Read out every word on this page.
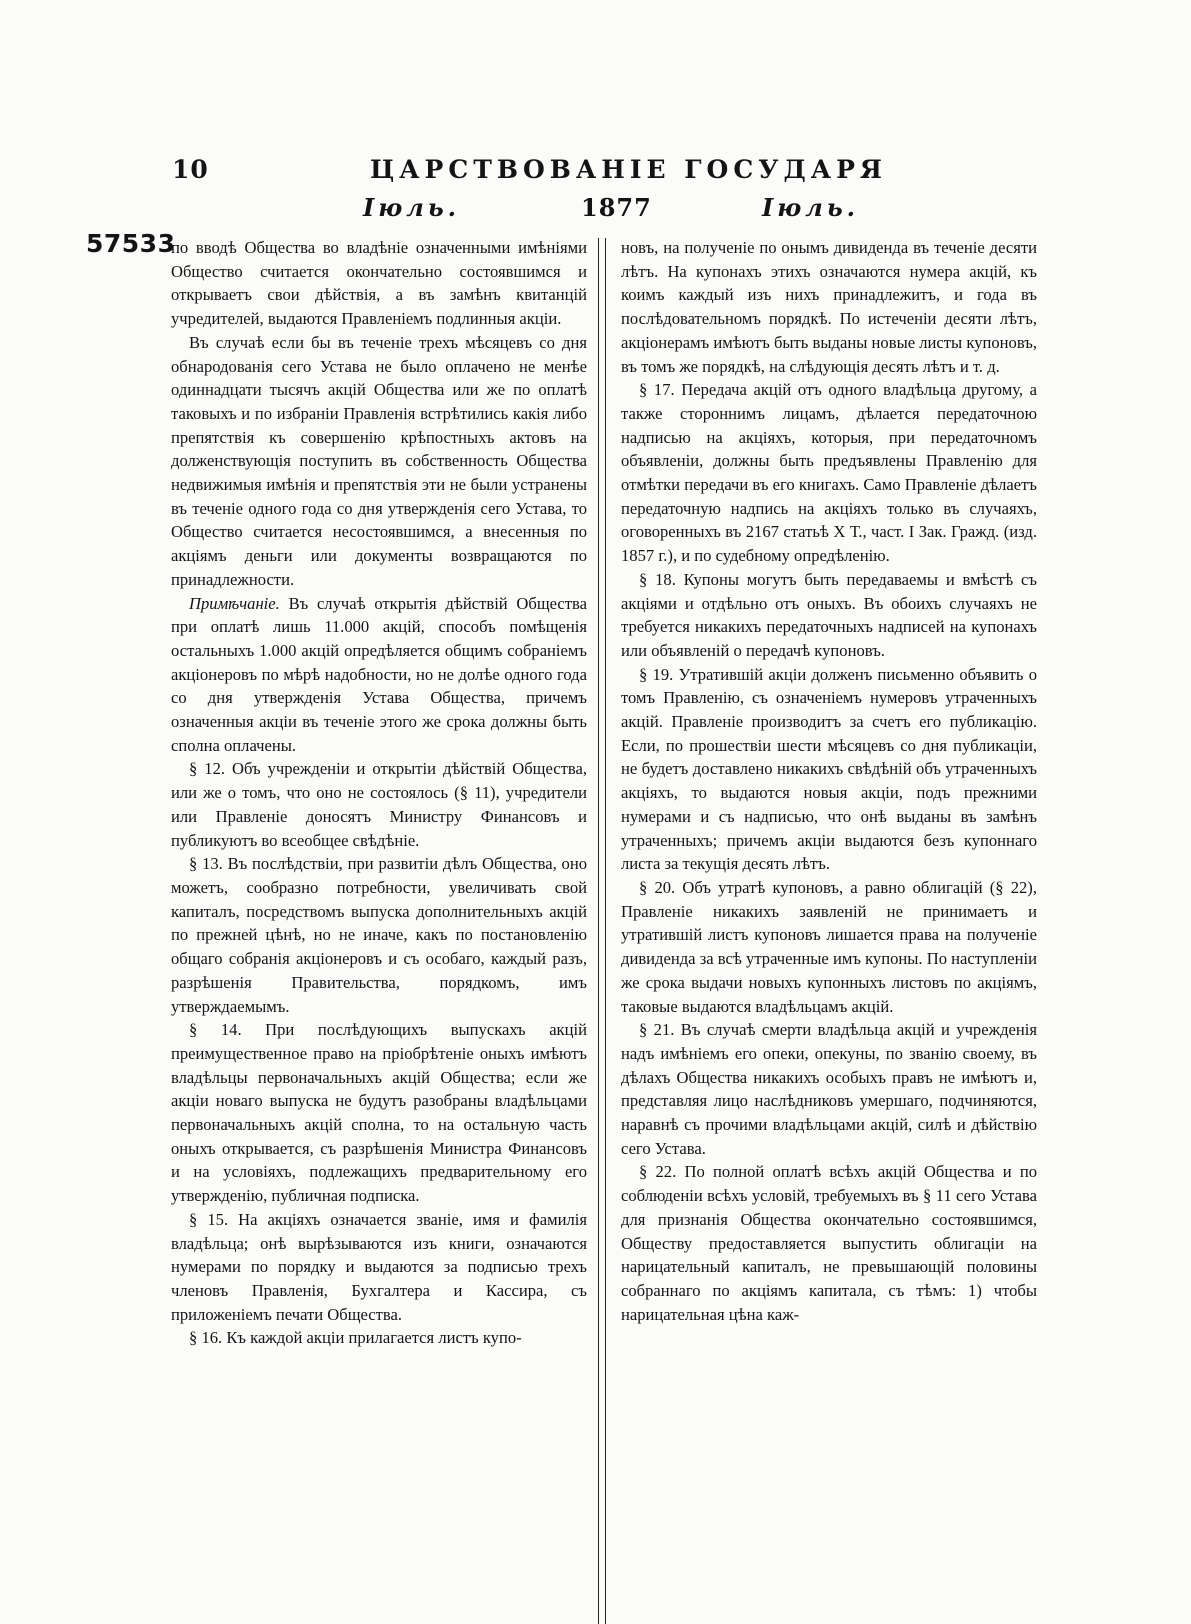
10	ЦАРСТВОВАНІЕ ГОСУДАРЯ
Іюль.	1877	Іюль.
57533

по вводѣ Общества во владѣніе означенными имѣніями Общество считается окончательно состоявшимся и открываетъ свои дѣйствія, а въ замѣнъ квитанцій учредителей, выдаются Правленіемъ подлинныя акціи.

Въ случаѣ если бы въ теченіе трехъ мѣсяцевъ со дня обнародованія сего Устава не было оплачено не менѣе одиннадцати тысячъ акцій Общества или же по оплатѣ таковыхъ и по избраніи Правленія встрѣтились какія либо препятствія къ совершенію крѣпостныхъ актовъ на долженствующія поступить въ собственность Общества недвижимыя имѣнія и препятствія эти не были устранены въ теченіе одного года со дня утвержденія сего Устава, то Общество считается несостоявшимся, а внесенныя по акціямъ деньги или документы возвращаются по принадлежности.

Примѣчаніе. Въ случаѣ открытія дѣйствій Общества при оплатѣ лишь 11.000 акцій, способъ помѣщенія остальныхъ 1.000 акцій опредѣляется общимъ собраніемъ акціонеровъ по мѣрѣ надобности, но не долѣе одного года со дня утвержденія Устава Общества, причемъ означенныя акціи въ теченіе этого же срока должны быть сполна оплачены.

§ 12. Объ учрежденіи и открытіи дѣйствій Общества, или же о томъ, что оно не состоялось (§ 11), учредители или Правленіе доносятъ Министру Финансовъ и публикуютъ во всеобщее свѣдѣніе.

§ 13. Въ послѣдствіи, при развитіи дѣлъ Общества, оно можетъ, сообразно потребности, увеличивать свой капиталъ, посредствомъ выпуска дополнительныхъ акцій по прежней цѣнѣ, но не иначе, какъ по постановленію общаго собранія акціонеровъ и съ особаго, каждый разъ, разрѣшенія Правительства, порядкомъ, имъ утверждаемымъ.

§ 14. При послѣдующихъ выпускахъ акцій преимущественное право на пріобрѣтеніе оныхъ имѣютъ владѣльцы первоначальныхъ акцій Общества; если же акціи новаго выпуска не будутъ разобраны владѣльцами первоначальныхъ акцій сполна, то на остальную часть оныхъ открывается, съ разрѣшенія Министра Финансовъ и на условіяхъ, подлежащихъ предварительному его утвержденію, публичная подписка.

§ 15. На акціяхъ означается званіе, имя и фамилія владѣльца; онѣ вырѣзываются изъ книги, означаются нумерами по порядку и выдаются за подписью трехъ членовъ Правленія, Бухгалтера и Кассира, съ приложеніемъ печати Общества.

§ 16. Къ каждой акціи прилагается листъ купо-

новъ, на полученіе по онымъ дивиденда въ теченіе десяти лѣтъ. На купонахъ этихъ означаются нумера акцій, къ коимъ каждый изъ нихъ принадлежитъ, и года въ послѣдовательномъ порядкѣ. По истеченіи десяти лѣтъ, акціонерамъ имѣютъ быть выданы новые листы купоновъ, въ томъ же порядкѣ, на слѣдующія десять лѣтъ и т. д.

§ 17. Передача акцій отъ одного владѣльца другому, а также стороннимъ лицамъ, дѣлается передаточною надписью на акціяхъ, которыя, при передаточномъ объявленіи, должны быть предъявлены Правленію для отмѣтки передачи въ его книгахъ. Само Правленіе дѣлаетъ передаточную надпись на акціяхъ только въ случаяхъ, оговоренныхъ въ 2167 статьѣ X Т., част. I Зак. Гражд. (изд. 1857 г.), и по судебному опредѣленію.

§ 18. Купоны могутъ быть передаваемы и вмѣстѣ съ акціями и отдѣльно отъ оныхъ. Въ обоихъ случаяхъ не требуется никакихъ передаточныхъ надписей на купонахъ или объявленій о передачѣ купоновъ.

§ 19. Утратившій акціи долженъ письменно объявить о томъ Правленію, съ означеніемъ нумеровъ утраченныхъ акцій. Правленіе производитъ за счетъ его публикацію. Если, по прошествіи шести мѣсяцевъ со дня публикаціи, не будетъ доставлено никакихъ свѣдѣній объ утраченныхъ акціяхъ, то выдаются новыя акціи, подъ прежними нумерами и съ надписью, что онѣ выданы въ замѣнъ утраченныхъ; причемъ акціи выдаются безъ купоннаго листа за текущія десять лѣтъ.

§ 20. Объ утратѣ купоновъ, а равно облигацій (§ 22), Правленіе никакихъ заявленій не принимаетъ и утратившій листъ купоновъ лишается права на полученіе дивиденда за всѣ утраченные имъ купоны. По наступленіи же срока выдачи новыхъ купонныхъ листовъ по акціямъ, таковые выдаются владѣльцамъ акцій.

§ 21. Въ случаѣ смерти владѣльца акцій и учрежденія надъ имѣніемъ его опеки, опекуны, по званію своему, въ дѣлахъ Общества никакихъ особыхъ правъ не имѣютъ и, представляя лицо наслѣдниковъ умершаго, подчиняются, наравнѣ съ прочими владѣльцами акцій, силѣ и дѣйствію сего Устава.

§ 22. По полной оплатѣ всѣхъ акцій Общества и по соблюденіи всѣхъ условій, требуемыхъ въ § 11 сего Устава для признанія Общества окончательно состоявшимся, Обществу предоставляется выпустить облигаціи на нарицательный капиталъ, не превышающій половины собраннаго по акціямъ капитала, съ тѣмъ: 1) чтобы нарицательная цѣна каж-
